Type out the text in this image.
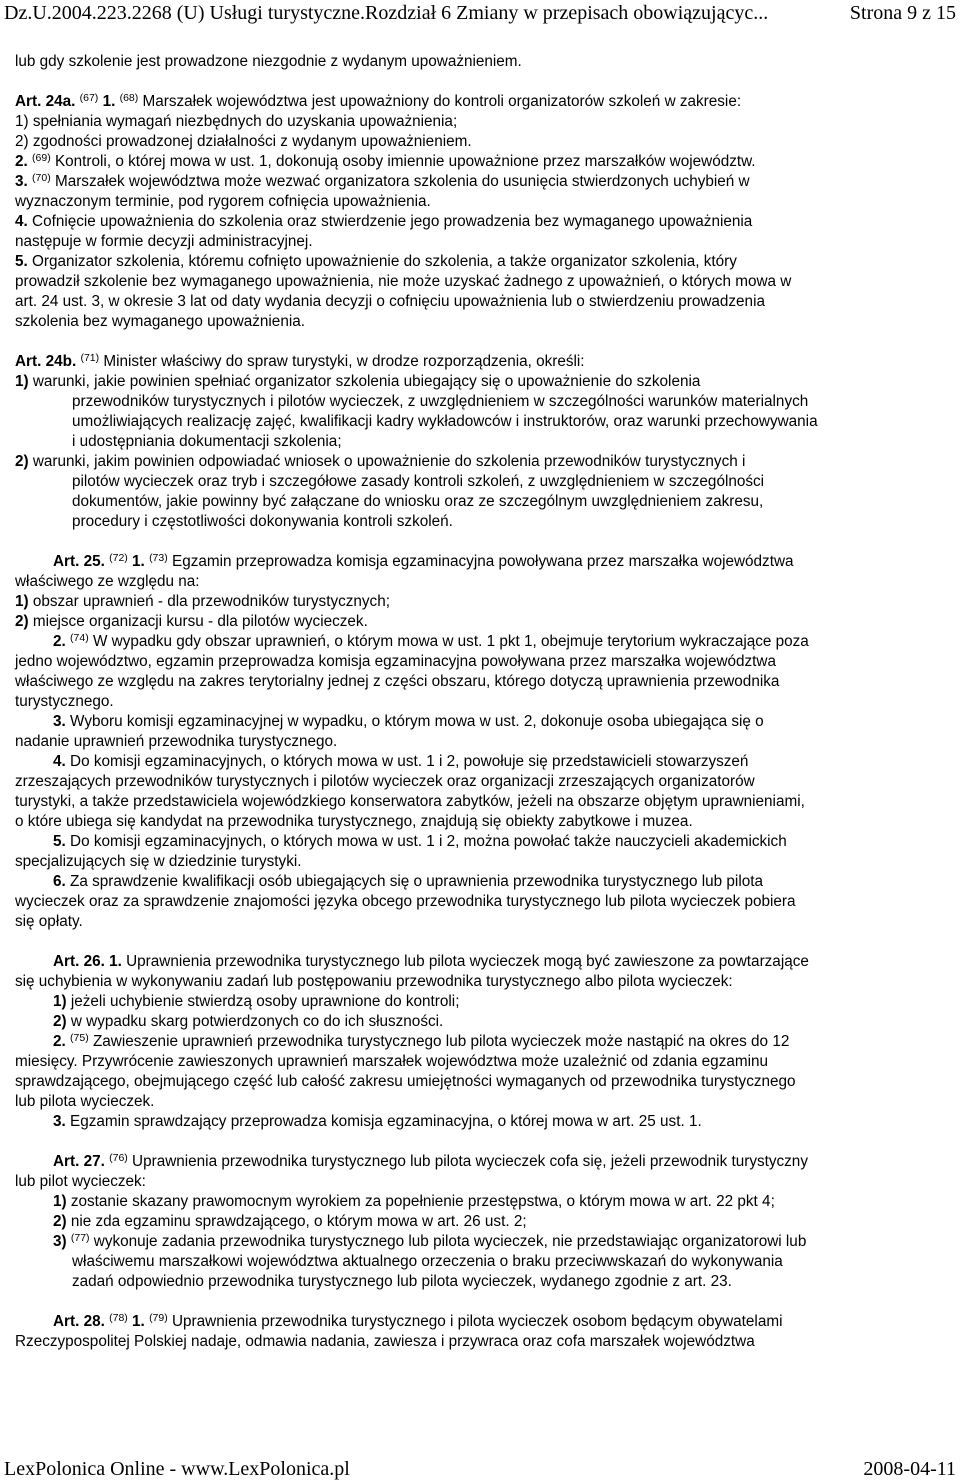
Dz.U.2004.223.2268 (U) Usługi turystyczne.Rozdział 6 Zmiany w przepisach obowiązującyc...	Strona 9 z 15
lub gdy szkolenie jest prowadzone niezgodnie z wydanym upoważnieniem.
Art. 24a. $^{(67)}$ 1. $^{(68)}$ Marszałek województwa jest upoważniony do kontroli organizatorów szkoleń w zakresie:
1) spełniania wymagań niezbędnych do uzyskania upoważnienia;
2) zgodności prowadzonej działalności z wydanym upoważnieniem.
2. $^{(69)}$ Kontroli, o której mowa w ust. 1, dokonują osoby imiennie upoważnione przez marszałków województw.
3. $^{(70)}$ Marszałek województwa może wezwać organizatora szkolenia do usunięcia stwierdzonych uchybień w
wyznaczonym terminie, pod rygorem cofnięcia upoważnienia.
4. Cofnięcie upoważnienia do szkolenia oraz stwierdzenie jego prowadzenia bez wymaganego upoważnienia
następuje w formie decyzji administracyjnej.
5. Organizator szkolenia, któremu cofnięto upoważnienie do szkolenia, a także organizator szkolenia, który
prowadził szkolenie bez wymaganego upoważnienia, nie może uzyskać żadnego z upoważnień, o których mowa w
art. 24 ust. 3, w okresie 3 lat od daty wydania decyzji o cofnięciu upoważnienia lub o stwierdzeniu prowadzenia
szkolenia bez wymaganego upoważnienia.
Art. 24b. $^{(71)}$ Minister właściwy do spraw turystyki, w drodze rozporządzenia, określi:
1) warunki, jakie powinien spełniać organizator szkolenia ubiegający się o upoważnienie do szkolenia
przewodników turystycznych i pilotów wycieczek, z uwzględnieniem w szczególności warunków materialnych
umożliwiających realizację zajęć, kwalifikacji kadry wykładowców i instruktorów, oraz warunki przechowywania
i udostępniania dokumentacji szkolenia;
2) warunki, jakim powinien odpowiadać wniosek o upoważnienie do szkolenia przewodników turystycznych i
pilotów wycieczek oraz tryb i szczegółowe zasady kontroli szkoleń, z uwzględnieniem w szczególności
dokumentów, jakie powinny być załączane do wniosku oraz ze szczególnym uwzględnieniem zakresu,
procedury i częstotliwości dokonywania kontroli szkoleń.
Art. 25. $^{(72)}$ 1. $^{(73)}$ Egzamin przeprowadza komisja egzaminacyjna powoływana przez marszałka województwa
właściwego ze względu na:
1) obszar uprawnień - dla przewodników turystycznych;
2) miejsce organizacji kursu - dla pilotów wycieczek.
2. $^{(74)}$ W wypadku gdy obszar uprawnień, o którym mowa w ust. 1 pkt 1, obejmuje terytorium wykraczające poza
jedno województwo, egzamin przeprowadza komisja egzaminacyjna powoływana przez marszałka województwa
właściwego ze względu na zakres terytorialny jednej z części obszaru, którego dotyczą uprawnienia przewodnika
turystycznego.
3. Wyboru komisji egzaminacyjnej w wypadku, o którym mowa w ust. 2, dokonuje osoba ubiegająca się o
nadanie uprawnień przewodnika turystycznego.
4. Do komisji egzaminacyjnych, o których mowa w ust. 1 i 2, powołuje się przedstawicieli stowarzyszeń
zrzeszających przewodników turystycznych i pilotów wycieczek oraz organizacji zrzeszających organizatorów
turystyki, a także przedstawiciela wojewódzkiego konserwatora zabytków, jeżeli na obszarze objętym uprawnieniami,
o które ubiega się kandydat na przewodnika turystycznego, znajdują się obiekty zabytkowe i muzea.
5. Do komisji egzaminacyjnych, o których mowa w ust. 1 i 2, można powołać także nauczycieli akademickich
specjalizujących się w dziedzinie turystyki.
6. Za sprawdzenie kwalifikacji osób ubiegających się o uprawnienia przewodnika turystycznego lub pilota
wycieczek oraz za sprawdzenie znajomości języka obcego przewodnika turystycznego lub pilota wycieczek pobiera
się opłaty.
Art. 26. 1. Uprawnienia przewodnika turystycznego lub pilota wycieczek mogą być zawieszone za powtarzające
się uchybienia w wykonywaniu zadań lub postępowaniu przewodnika turystycznego albo pilota wycieczek:
1) jeżeli uchybienie stwierdzą osoby uprawnione do kontroli;
2) w wypadku skarg potwierdzonych co do ich słuszności.
2. $^{(75)}$ Zawieszenie uprawnień przewodnika turystycznego lub pilota wycieczek może nastąpić na okres do 12
miesięcy. Przywrócenie zawieszonych uprawnień marszałek województwa może uzależnić od zdania egzaminu
sprawdzającego, obejmującego część lub całość zakresu umiejętności wymaganych od przewodnika turystycznego
lub pilota wycieczek.
3. Egzamin sprawdzający przeprowadza komisja egzaminacyjna, o której mowa w art. 25 ust. 1.
Art. 27. $^{(76)}$ Uprawnienia przewodnika turystycznego lub pilota wycieczek cofa się, jeżeli przewodnik turystyczny
lub pilot wycieczek:
1) zostanie skazany prawomocnym wyrokiem za popełnienie przestępstwa, o którym mowa w art. 22 pkt 4;
2) nie zda egzaminu sprawdzającego, o którym mowa w art. 26 ust. 2;
3) $^{(77)}$ wykonuje zadania przewodnika turystycznego lub pilota wycieczek, nie przedstawiając organizatorowi lub
właściwemu marszałkowi województwa aktualnego orzeczenia o braku przeciwwskazań do wykonywania
zadań odpowiednio przewodnika turystycznego lub pilota wycieczek, wydanego zgodnie z art. 23.
Art. 28. $^{(78)}$ 1. $^{(79)}$ Uprawnienia przewodnika turystycznego i pilota wycieczek osobom będącym obywatelami
Rzeczypospolitej Polskiej nadaje, odmawia nadania, zawiesza i przywraca oraz cofa marszałek województwa
LexPolonica Online - www.LexPolonica.pl	2008-04-11
